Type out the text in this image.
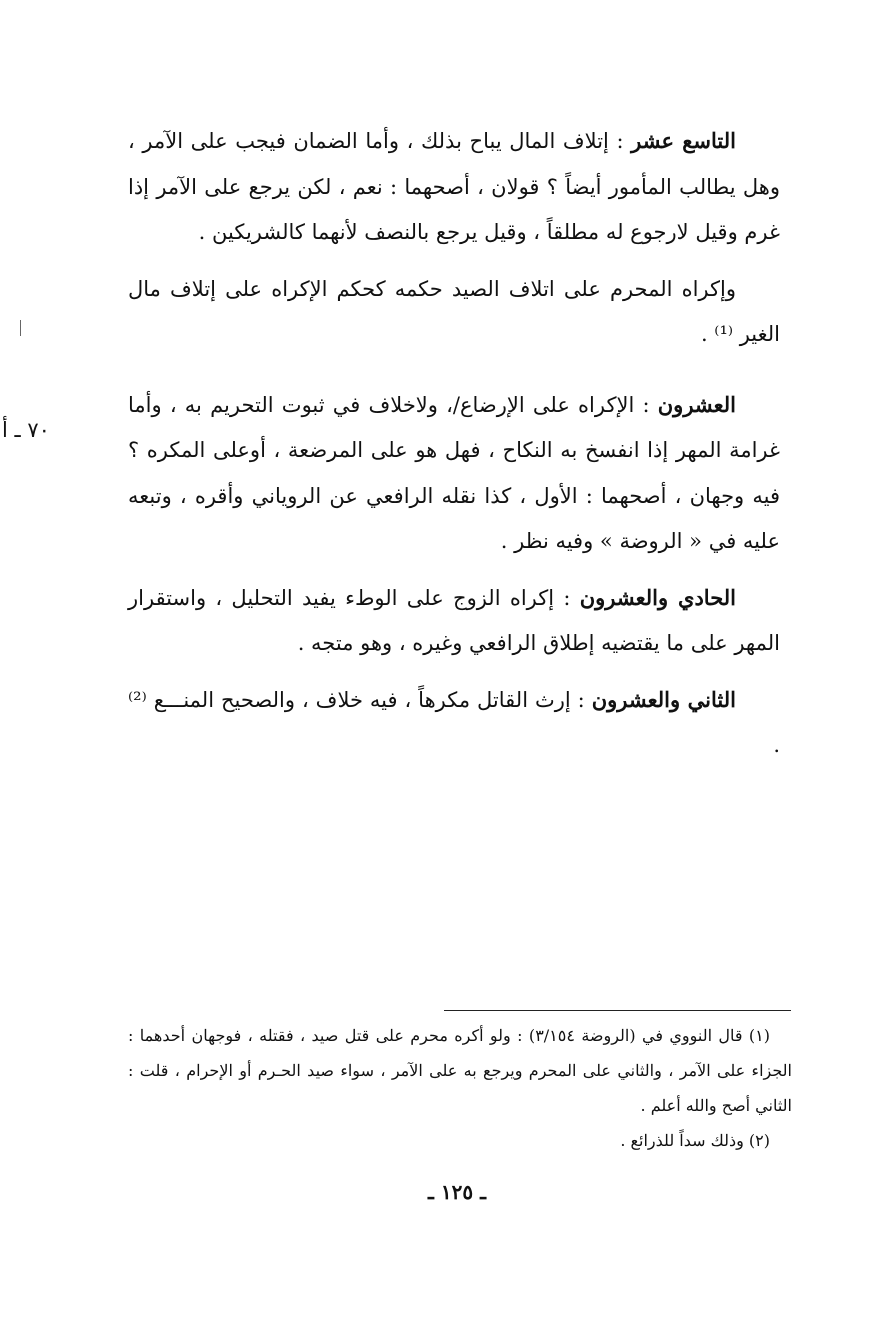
٧٠ ـ أ

التاسع عشر : إتلاف المال يباح بذلك ، وأما الضمان فيجب على الآمر ، وهل يطالب المأمور أيضاً ؟ قولان ، أصحهما : نعم ، لكن يرجع على الآمر إذا غرم وقيل لارجوع له مطلقاً ، وقيل يرجع بالنصف لأنهما كالشريكين .

وإكراه المحرم على اتلاف الصيد حكمه كحكم الإكراه على إتلاف مال الغير ⁽¹⁾ .

العشرون : الإكراه على الإرضاع/، ولاخلاف في ثبوت التحريم به ، وأما غرامة المهر إذا انفسخ به النكاح ، فهل هو على المرضعة ، أوعلى المكره ؟ فيه وجهان ، أصحهما : الأول ، كذا نقله الرافعي عن الروياني وأقره ، وتبعه عليه في « الروضة » وفيه نظر .

الحادي والعشرون : إكراه الزوج على الوطء يفيد التحليل ، واستقرار المهر على ما يقتضيه إطلاق الرافعي وغيره ، وهو متجه .

الثاني والعشرون : إرث القاتل مكرهاً ، فيه خلاف ، والصحيح المنـــع ⁽²⁾ .

(١) قال النووي في (الروضة ٣/١٥٤) : ولو أكره محرم على قتل صيد ، فقتله ، فوجهان أحدهما : الجزاء على الآمر ، والثاني على المحرم ويرجع به على الآمر ، سواء صيد الحـرم أو الإحرام ، قلت : الثاني أصح والله أعلم .

(٢) وذلك سداً للذرائع .

ـ ١٢٥ ـ
